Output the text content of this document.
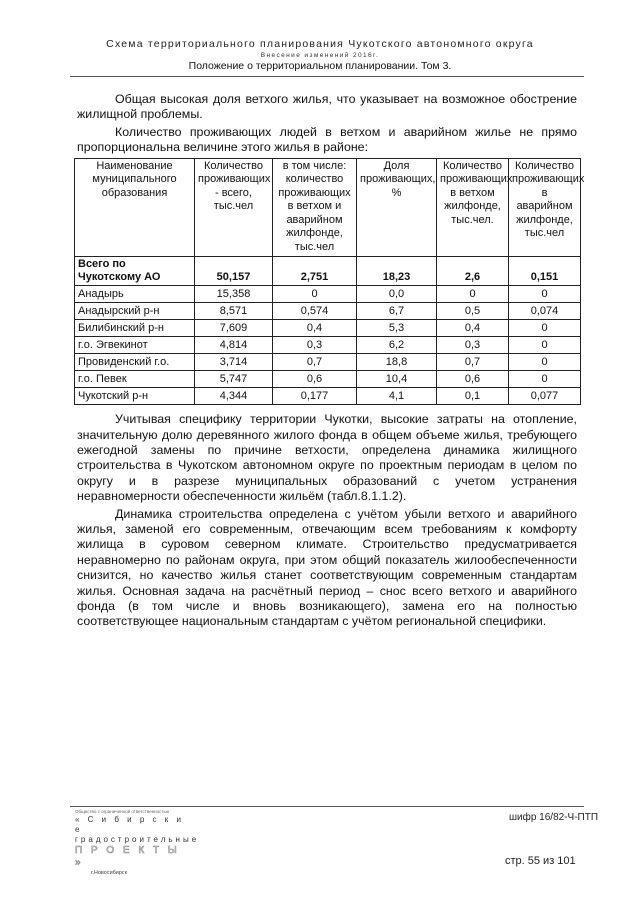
Схема территориального планирования Чукотского автономного округа
Внесение изменений 2016г.
Положение о территориальном планировании. Том 3.

Общая высокая доля ветхого жилья, что указывает на возможное обострение жилищной проблемы.

Количество проживающих людей в ветхом и аварийном жилье не прямо пропорциональна величине этого жилья в районе:

Наименование муниципального образования	Количество проживающих - всего, тыс.чел	в том числе: количество проживающих в ветхом и аварийном жилфонде, тыс.чел	Доля проживающих, %	Количество проживающих в ветхом жилфонде, тыс.чел.	Количество проживающих в аварийном жилфонде, тыс.чел
Всего по
Чукотскому АО	50,157	2,751	18,23	2,6	0,151
Анадырь	15,358	0	0,0	0	0
Анадырский р-н	8,571	0,574	6,7	0,5	0,074
Билибинский р-н	7,609	0,4	5,3	0,4	0
г.о. Эгвекинот	4,814	0,3	6,2	0,3	0
Провиденский г.о.	3,714	0,7	18,8	0,7	0
г.о. Певек	5,747	0,6	10,4	0,6	0
Чукотский р-н	4,344	0,177	4,1	0,1	0,077

Учитывая специфику территории Чукотки, высокие затраты на отопление, значительную долю деревянного жилого фонда в общем объеме жилья, требующего ежегодной замены по причине ветхости, определена динамика жилищного строительства в Чукотском автономном округе по проектным периодам в целом по округу и в разрезе муниципальных образований с учетом устранения неравномерности обеспеченности жильём (табл.8.1.1.2).

Динамика строительства определена с учётом убыли ветхого и аварийного жилья, заменой его современным, отвечающим всем требованиям к комфорту жилища в суровом северном климате. Строительство предусматривается неравномерно по районам округа, при этом общий показатель жилообеспеченности снизится, но качество жилья станет соответствующим современным стандартам жилья. Основная задача на расчётный период – снос всего ветхого и аварийного фонда (в том числе и вновь возникающего), замена его на полностью соответствующее национальным стандартам с учётом региональной специфики.

Общество с ограниченной ответственностью
« С и б и р с к и е
градостроительные
П Р О Е К Т Ы »
г.Новосибирск
шифр 16/82-Ч-ПТП
стр. 55 из 101
